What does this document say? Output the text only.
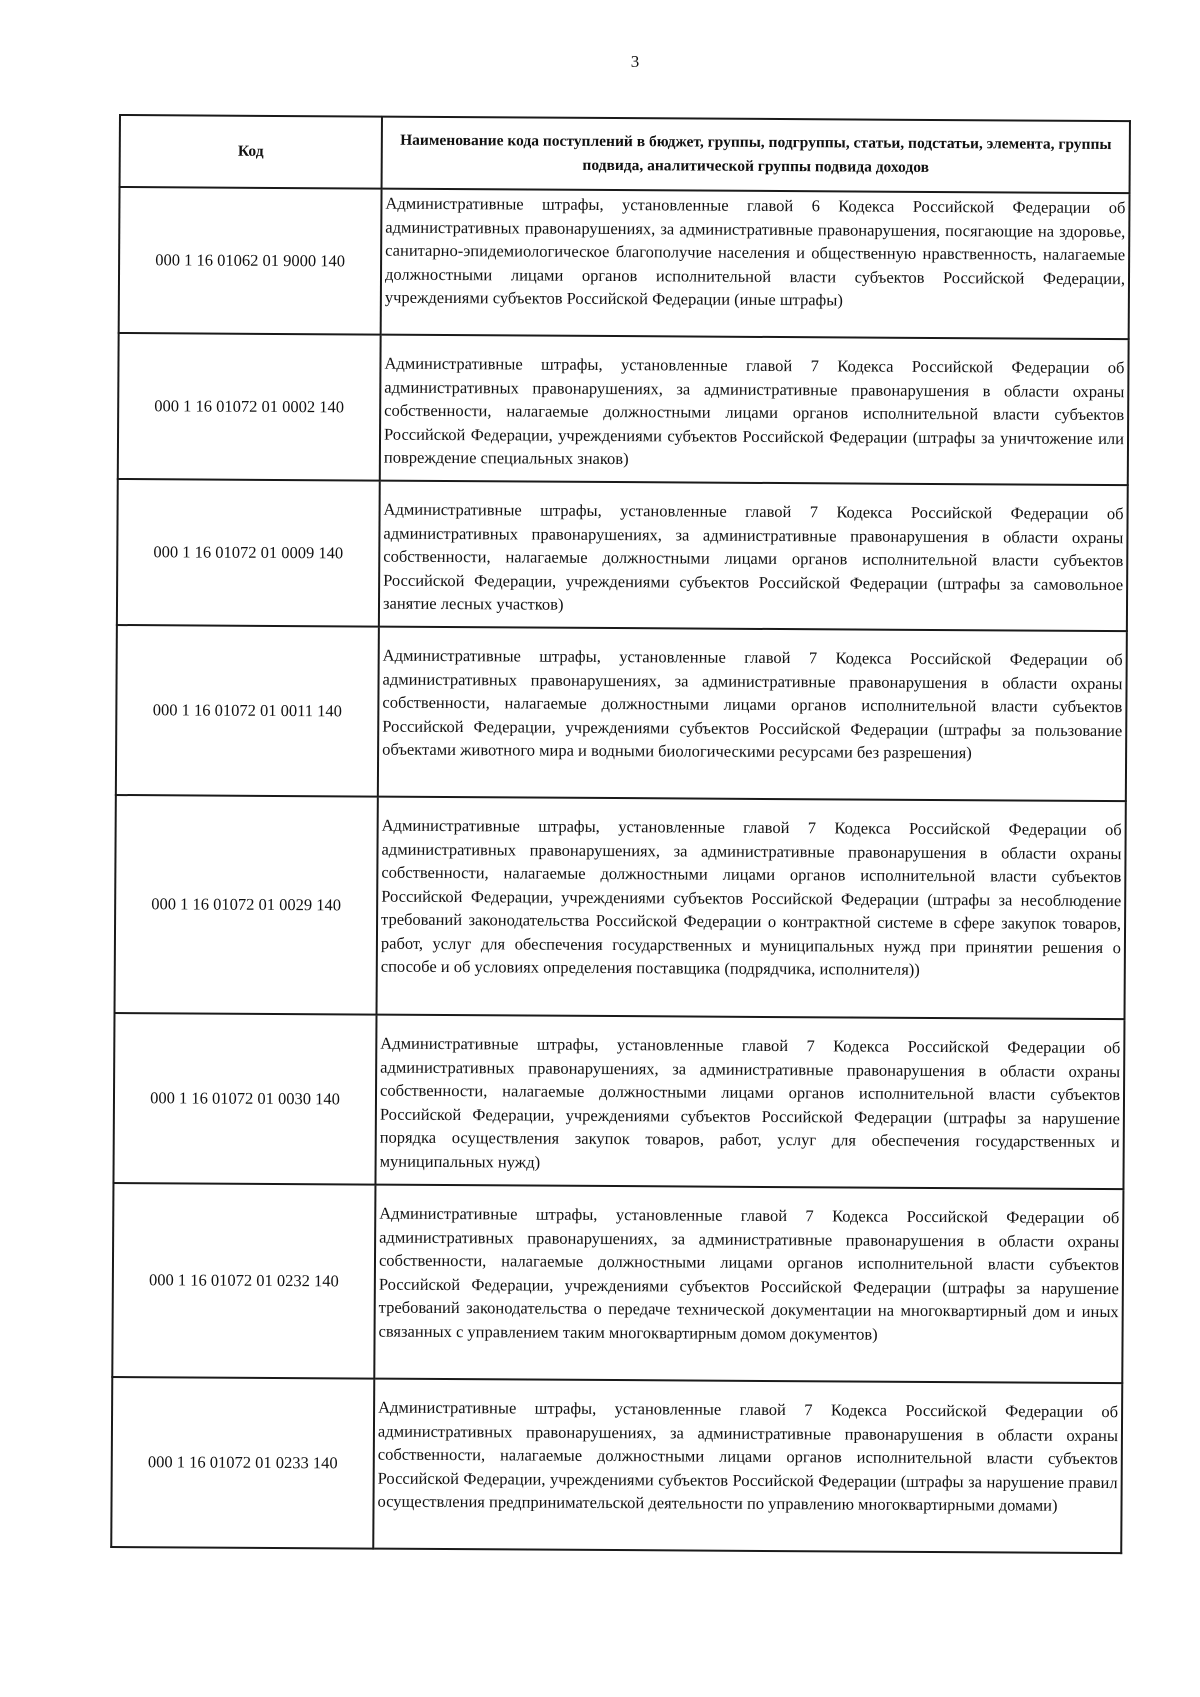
3
Код	Наименование кода поступлений в бюджет, группы, подгруппы, статьи, подстатьи, элемента, группы подвида, аналитической группы подвида доходов
000 1 16 01062 01 9000 140	Административные штрафы, установленные главой 6 Кодекса Российской Федерации об административных правонарушениях, за административные правонарушения, посягающие на здоровье, санитарно-эпидемиологическое благополучие населения и общественную нравственность, налагаемые должностными лицами органов исполнительной власти субъектов Российской Федерации, учреждениями субъектов Российской Федерации (иные штрафы)

000 1 16 01072 01 0002 140	Административные штрафы, установленные главой 7 Кодекса Российской Федерации об административных правонарушениях, за административные правонарушения в области охраны собственности, налагаемые должностными лицами органов исполнительной власти субъектов Российской Федерации, учреждениями субъектов Российской Федерации (штрафы за уничтожение или повреждение специальных знаков)

000 1 16 01072 01 0009 140	Административные штрафы, установленные главой 7 Кодекса Российской Федерации об административных правонарушениях, за административные правонарушения в области охраны собственности, налагаемые должностными лицами органов исполнительной власти субъектов Российской Федерации, учреждениями субъектов Российской Федерации (штрафы за самовольное занятие лесных участков)

000 1 16 01072 01 0011 140	Административные штрафы, установленные главой 7 Кодекса Российской Федерации об административных правонарушениях, за административные правонарушения в области охраны собственности, налагаемые должностными лицами органов исполнительной власти субъектов Российской Федерации, учреждениями субъектов Российской Федерации (штрафы за пользование объектами животного мира и водными биологическими ресурсами без разрешения)

000 1 16 01072 01 0029 140	Административные штрафы, установленные главой 7 Кодекса Российской Федерации об административных правонарушениях, за административные правонарушения в области охраны собственности, налагаемые должностными лицами органов исполнительной власти субъектов Российской Федерации, учреждениями субъектов Российской Федерации (штрафы за несоблюдение требований законодательства Российской Федерации о контрактной системе в сфере закупок товаров, работ, услуг для обеспечения государственных и муниципальных нужд при принятии решения о способе и об условиях определения поставщика (подрядчика, исполнителя))

000 1 16 01072 01 0030 140	Административные штрафы, установленные главой 7 Кодекса Российской Федерации об административных правонарушениях, за административные правонарушения в области охраны собственности, налагаемые должностными лицами органов исполнительной власти субъектов Российской Федерации, учреждениями субъектов Российской Федерации (штрафы за нарушение порядка осуществления закупок товаров, работ, услуг для обеспечения государственных и муниципальных нужд)

000 1 16 01072 01 0232 140	Административные штрафы, установленные главой 7 Кодекса Российской Федерации об административных правонарушениях, за административные правонарушения в области охраны собственности, налагаемые должностными лицами органов исполнительной власти субъектов Российской Федерации, учреждениями субъектов Российской Федерации (штрафы за нарушение требований законодательства о передаче технической документации на многоквартирный дом и иных связанных с управлением таким многоквартирным домом документов)

000 1 16 01072 01 0233 140	Административные штрафы, установленные главой 7 Кодекса Российской Федерации об административных правонарушениях, за административные правонарушения в области охраны собственности, налагаемые должностными лицами органов исполнительной власти субъектов Российской Федерации, учреждениями субъектов Российской Федерации (штрафы за нарушение правил осуществления предпринимательской деятельности по управлению многоквартирными домами)
